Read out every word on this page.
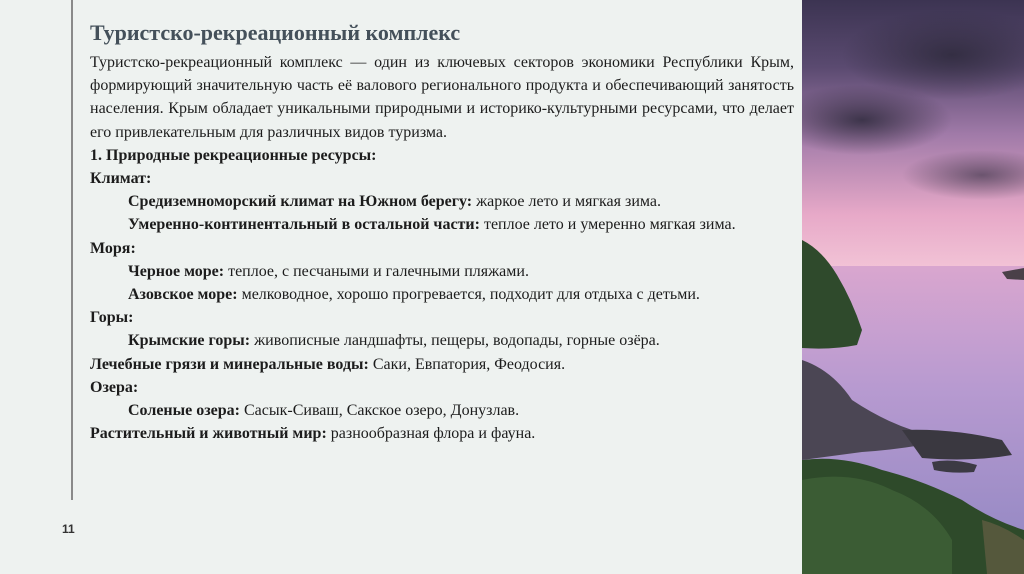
Туристско-рекреационный комплекс

Туристско-рекреационный комплекс — один из ключевых секторов экономики Республики Крым, формирующий значительную часть её валового регионального продукта и обеспечивающий занятость населения. Крым обладает уникальными природными и историко-культурными ресурсами, что делает его привлекательным для различных видов туризма.

1. Природные рекреационные ресурсы:

Климат:

Средиземноморский климат на Южном берегу: жаркое лето и мягкая зима.

Умеренно-континентальный в остальной части: теплое лето и умеренно мягкая зима.

Моря:

Черное море: теплое, с песчаными и галечными пляжами.

Азовское море: мелководное, хорошо прогревается, подходит для отдыха с детьми.

Горы:

Крымские горы: живописные ландшафты, пещеры, водопады, горные озёра.

Лечебные грязи и минеральные воды: Саки, Евпатория, Феодосия.

Озера:

Соленые озера: Сасык-Сиваш, Сакское озеро, Донузлав.

Растительный и животный мир: разнообразная флора и фауна.

11
